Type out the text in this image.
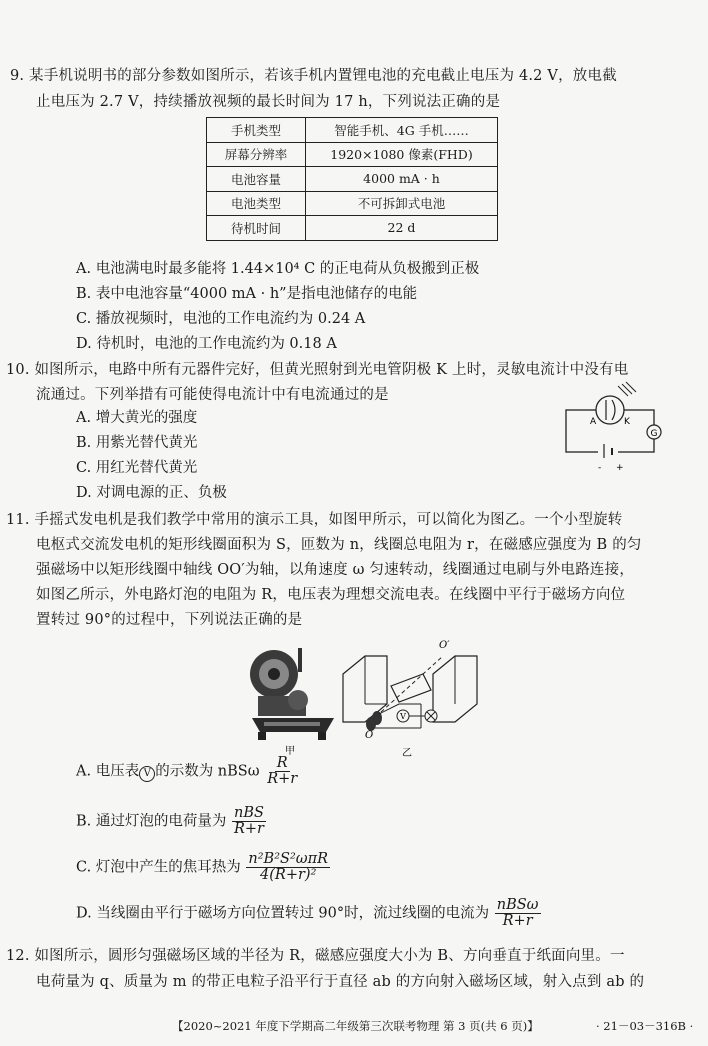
9. 某手机说明书的部分参数如图所示，若该手机内置锂电池的充电截止电压为 4.2 V，放电截
止电压为 2.7 V，持续播放视频的最长时间为 17 h，下列说法正确的是
手机类型	智能手机、4G 手机……
屏幕分辨率	1920×1080 像素(FHD)
电池容量	4000 mA · h
电池类型	不可拆卸式电池
待机时间	22 d
A. 电池满电时最多能将 1.44×10⁴ C 的正电荷从负极搬到正极
B. 表中电池容量“4000 mA · h”是指电池储存的电能
C. 播放视频时，电池的工作电流约为 0.24 A
D. 待机时，电池的工作电流约为 0.18 A
10. 如图所示，电路中所有元器件完好，但黄光照射到光电管阴极 K 上时，灵敏电流计中没有电
流通过。下列举措有可能使得电流计中有电流通过的是
A. 增大黄光的强度
B. 用紫光替代黄光
C. 用红光替代黄光
D. 对调电源的正、负极
G
A	K
- +
11. 手摇式发电机是我们教学中常用的演示工具，如图甲所示，可以简化为图乙。一个小型旋转
电枢式交流发电机的矩形线圈面积为 S，匝数为 n，线圈总电阻为 r，在磁感应强度为 B 的匀
强磁场中以矩形线圈中轴线 OO′为轴，以角速度 ω 匀速转动，线圈通过电刷与外电路连接，
如图乙所示，外电路灯泡的电阻为 R，电压表为理想交流电表。在线圈中平行于磁场方向位
置转过 90°的过程中，下列说法正确的是
甲
O′
V
O
乙
A. 电压表 V 的示数为 nBSω $\frac{R}{R+r}$
B. 通过灯泡的电荷量为 $\frac{\text{nBS}}{R+r}$
C. 灯泡中产生的焦耳热为 $\frac{\text{n²B²S²ωπR}}{\text{4(R+r)²}}$
D. 当线圈由平行于磁场方向位置转过 90°时，流过线圈的电流为 $\frac{\text{nBSω}}{R+r}$
12. 如图所示，圆形匀强磁场区域的半径为 R，磁感应强度大小为 B、方向垂直于纸面向里。一
电荷量为 q、质量为 m 的带正电粒子沿平行于直径 ab 的方向射入磁场区域，射入点到 ab 的
【2020~2021 年度下学期高二年级第三次联考物理 第 3 页(共 6 页)】	· 21－03－316B ·
